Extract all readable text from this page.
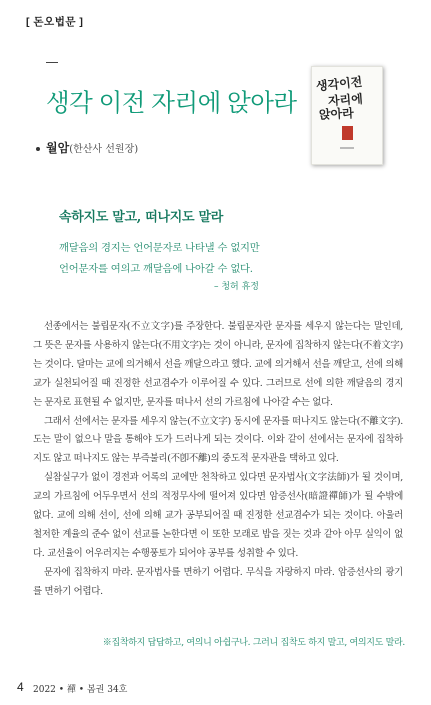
[ 돈오법문 ]
생각 이전 자리에 앉아라
생각이전
자리에
앉아라
월암(한산사 선원장)
속하지도 말고, 떠나지도 말라
깨달음의 경지는 언어문자로 나타낼 수 없지만
언어문자를 여의고 깨달음에 나아갈 수 없다.
– 청허 휴정

선종에서는 불립문자(不立文字)를 주장한다. 불립문자란 문자를 세우지 않는다는 말인데, 그 뜻은 문자를 사용하지 않는다(不用文字)는 것이 아니라, 문자에 집착하지 않는다(不着文字)는 것이다. 달마는 교에 의거해서 선을 깨달으라고 했다. 교에 의거해서 선을 깨닫고, 선에 의해 교가 실천되어질 때 진정한 선교겸수가 이루어질 수 있다. 그러므로 선에 의한 깨달음의 경지는 문자로 표현될 수 없지만, 문자를 떠나서 선의 가르침에 나아갈 수는 없다.

그래서 선에서는 문자를 세우지 않는(不立文字) 동시에 문자를 떠나지도 않는다(不離文字). 도는 말이 없으나 말을 통해야 도가 드러나게 되는 것이다. 이와 같이 선에서는 문자에 집착하지도 않고 떠나지도 않는 부즉불리(不卽不離)의 중도적 문자관을 택하고 있다.

실참실구가 없이 경전과 어록의 교에만 천착하고 있다면 문자법사(文字法師)가 될 것이며, 교의 가르침에 어두우면서 선의 적정무사에 떨어져 있다면 암증선사(暗證禪師)가 될 수밖에 없다. 교에 의해 선이, 선에 의해 교가 공부되어질 때 진정한 선교겸수가 되는 것이다. 아울러 철저한 계율의 준수 없이 선교를 논한다면 이 또한 모래로 밥을 짓는 것과 같아 아무 실익이 없다. 교선율이 어우러지는 수행풍토가 되어야 공부를 성취할 수 있다.

문자에 집착하지 마라. 문자법사를 면하기 어렵다. 무식을 자랑하지 마라. 암증선사의 광기를 면하기 어렵다.

※집착하지 답답하고, 여의니 아쉽구나. 그러니 집착도 하지 말고, 여의지도 말라.
4 2022 • 禪 • 봄권 34호
